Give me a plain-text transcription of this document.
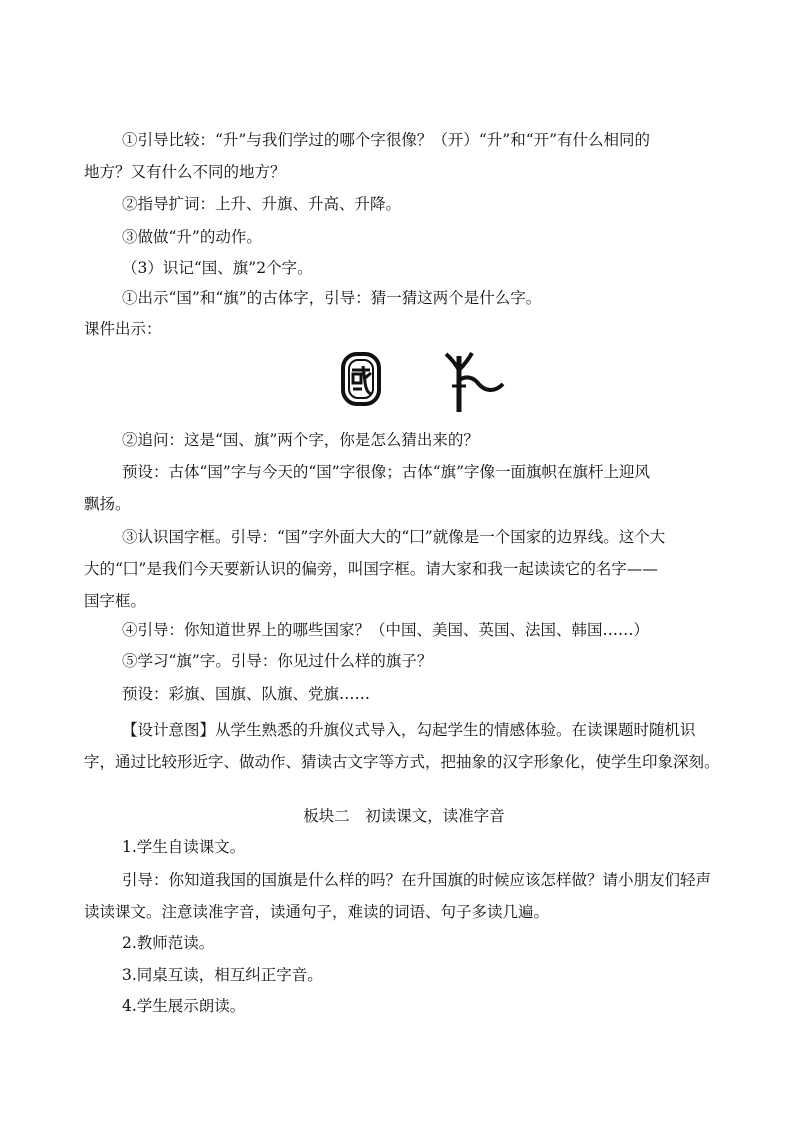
①引导比较：“升”与我们学过的哪个字很像？（开）“升”和“开”有什么相同的
地方？又有什么不同的地方？
②指导扩词：上升、升旗、升高、升降。
③做做“升”的动作。
（3）识记“国、旗”2个字。
①出示“国”和“旗”的古体字，引导：猜一猜这两个是什么字。
课件出示：
②追问：这是“国、旗”两个字，你是怎么猜出来的？
预设：古体“国”字与今天的“国”字很像；古体“旗”字像一面旗帜在旗杆上迎风
飘扬。
③认识国字框。引导：“国”字外面大大的“囗”就像是一个国家的边界线。这个大
大的“囗”是我们今天要新认识的偏旁，叫国字框。请大家和我一起读读它的名字——
国字框。
④引导：你知道世界上的哪些国家？（中国、美国、英国、法国、韩国……）
⑤学习“旗”字。引导：你见过什么样的旗子？
预设：彩旗、国旗、队旗、党旗……
【设计意图】从学生熟悉的升旗仪式导入，勾起学生的情感体验。在读课题时随机识字，通过比较形近字、做动作、猜读古文字等方式，把抽象的汉字形象化，使学生印象深刻。
板块二　初读课文，读准字音
1.学生自读课文。
引导：你知道我国的国旗是什么样的吗？在升国旗的时候应该怎样做？请小朋友们轻声读读课文。注意读准字音，读通句子，难读的词语、句子多读几遍。
2.教师范读。
3.同桌互读，相互纠正字音。
4.学生展示朗读。
